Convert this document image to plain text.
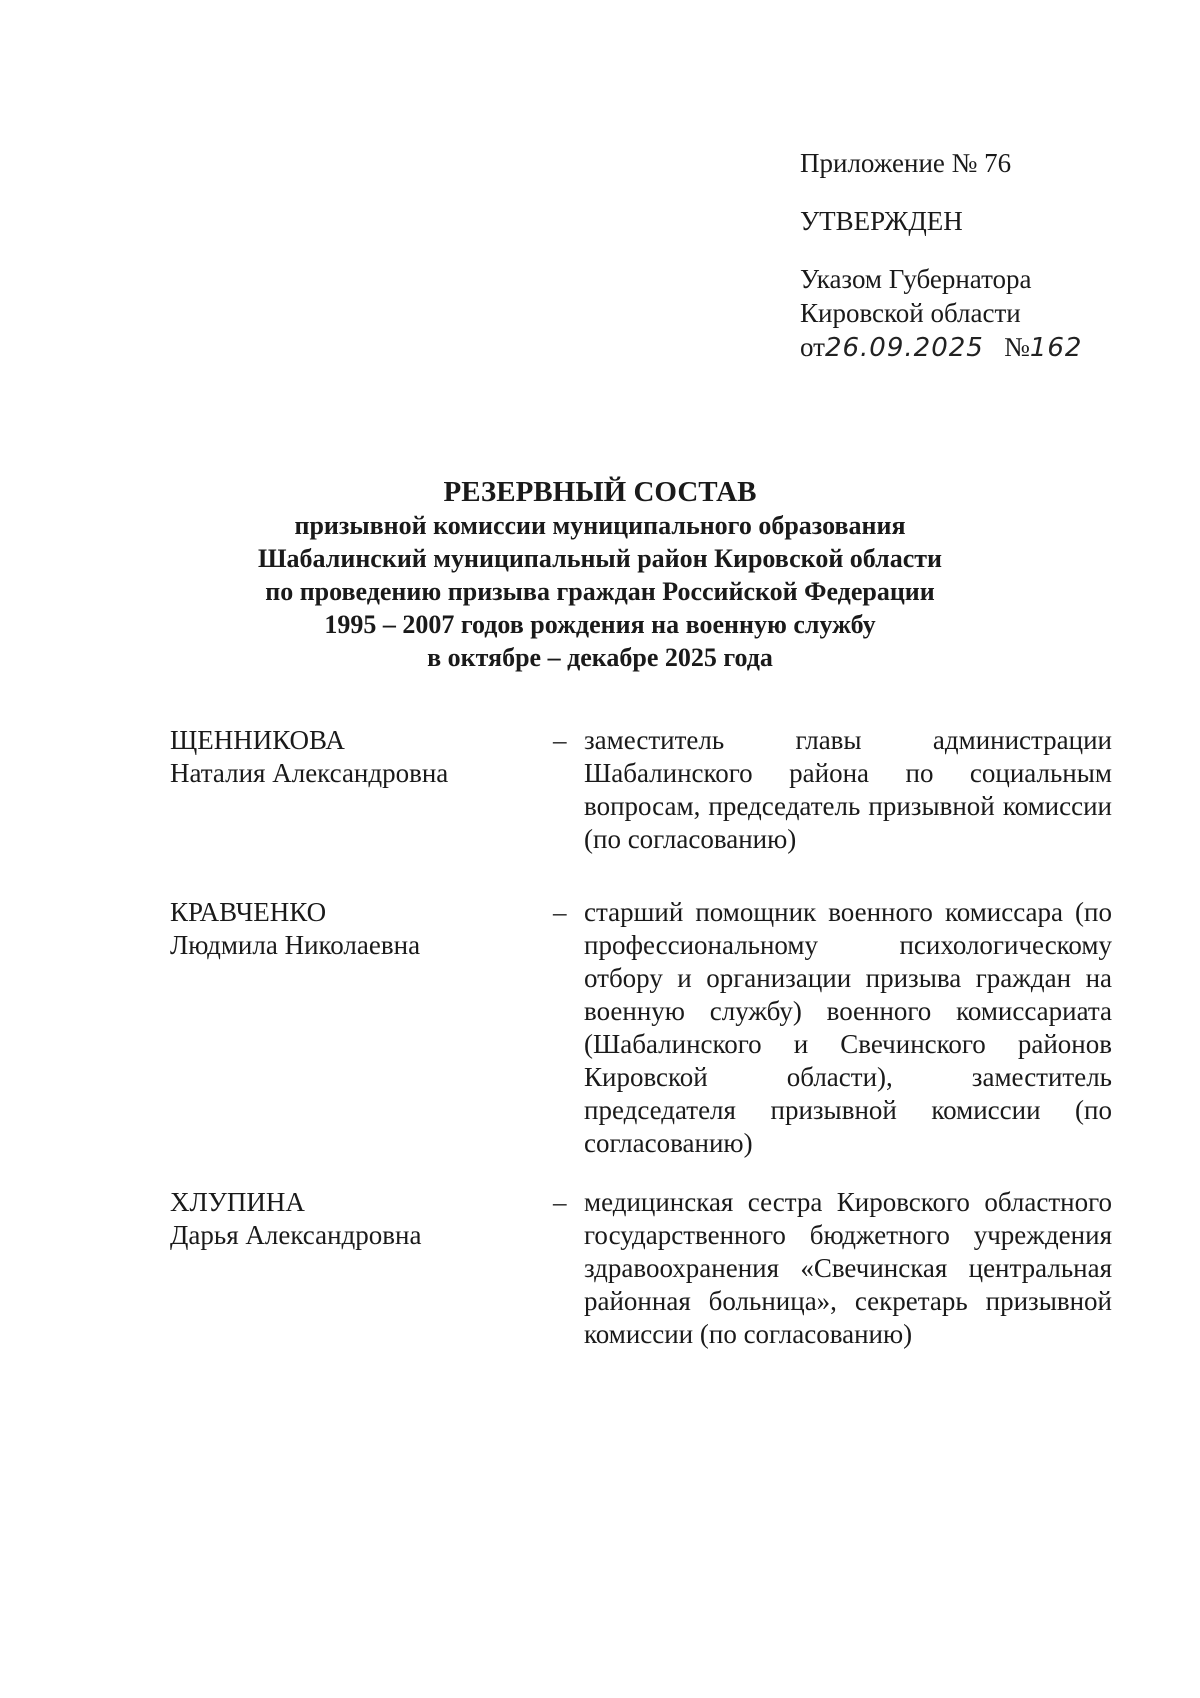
Приложение № 76
УТВЕРЖДЕН
Указом Губернатора
Кировской области
от26.09.2025 №162
РЕЗЕРВНЫЙ СОСТАВ
призывной комиссии муниципального образования
Шабалинский муниципальный район Кировской области
по проведению призыва граждан Российской Федерации
1995 – 2007 годов рождения на военную службу
в октябре – декабре 2025 года
ЩЕННИКОВА
Наталия Александровна
– заместитель главы администрации Шабалинского района по социальным вопросам, председатель призывной комиссии (по согласованию)
КРАВЧЕНКО
Людмила Николаевна
– старший помощник военного комиссара (по профессиональному психологическому отбору и организации призыва граждан на военную службу) военного комиссариата (Шабалинского и Свечинского районов Кировской области), заместитель председателя призывной комиссии (по согласованию)
ХЛУПИНА
Дарья Александровна
– медицинская сестра Кировского областного государственного бюджетного учреждения здравоохранения «Свечинская центральная районная больница», секретарь призывной комиссии (по согласованию)
